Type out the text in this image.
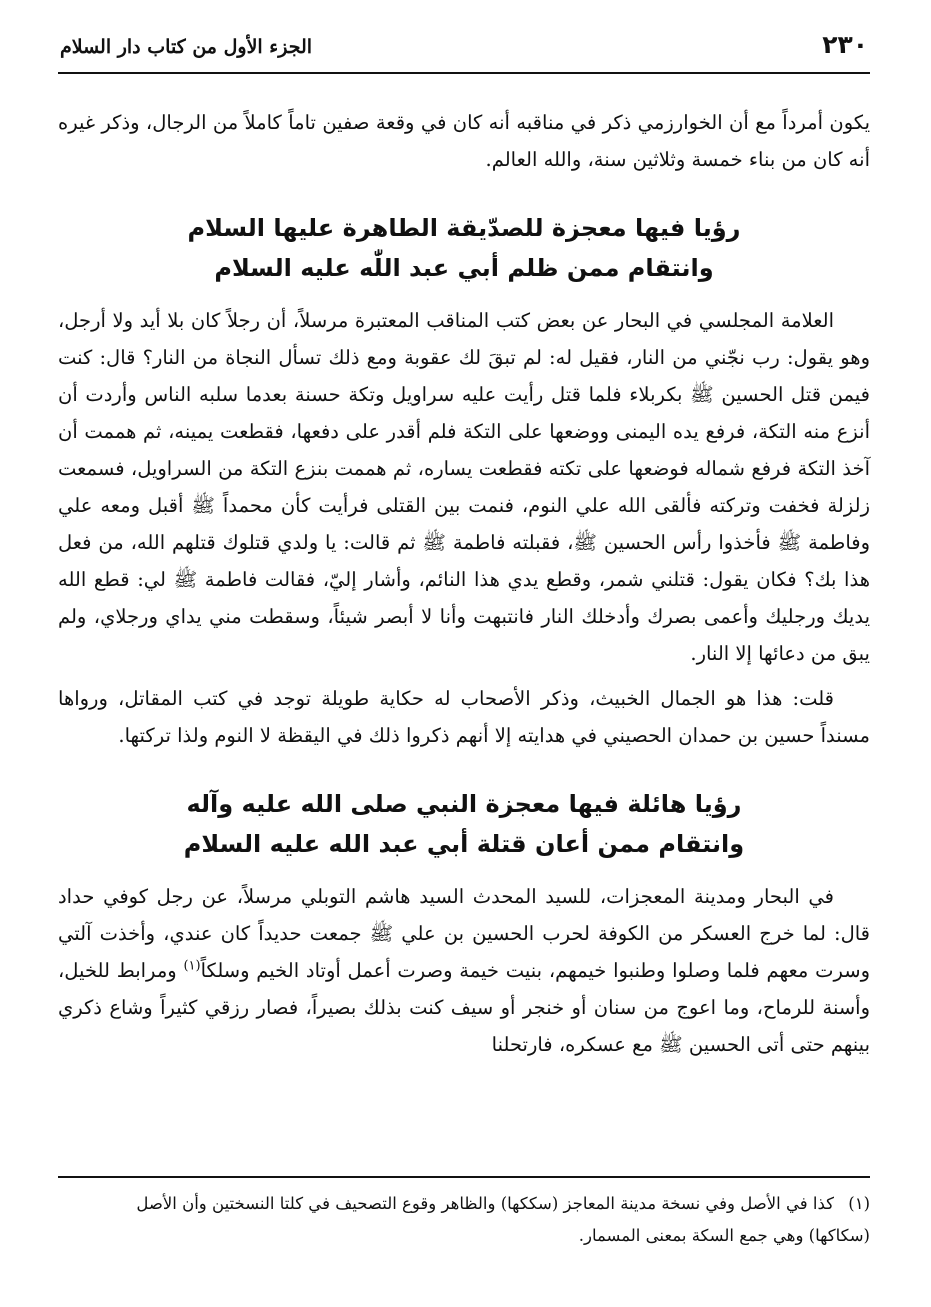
٢٣٠
الجزء الأول من كتاب دار السلام

يكون أمرداً مع أن الخوارزمي ذكر في مناقبه أنه كان في وقعة صفين تاماً كاملاً من الرجال، وذكر غيره أنه كان من بناء خمسة وثلاثين سنة، والله العالم.

رؤيا فيها معجزة للصدّيقة الطاهرة عليها السلام
وانتقام ممن ظلم أبي عبد اللّٰه عليه السلام

العلامة المجلسي في البحار عن بعض كتب المناقب المعتبرة مرسلاً، أن رجلاً كان بلا أيد ولا أرجل، وهو يقول: رب نجّني من النار، فقيل له: لم تبقَ لك عقوبة ومع ذلك تسأل النجاة من النار؟ قال: كنت فيمن قتل الحسين ﷺ بكربلاء فلما قتل رأيت عليه سراويل وتكة حسنة بعدما سلبه الناس وأردت أن أنزع منه التكة، فرفع يده اليمنى ووضعها على التكة فلم أقدر على دفعها، فقطعت يمينه، ثم هممت أن آخذ التكة فرفع شماله فوضعها على تكته فقطعت يساره، ثم هممت بنزع التكة من السراويل، فسمعت زلزلة فخفت وتركته فألقى الله علي النوم، فنمت بين القتلى فرأيت كأن محمداً ﷺ أقبل ومعه علي وفاطمة ﷺ فأخذوا رأس الحسين ﷺ، فقبلته فاطمة ﷺ ثم قالت: يا ولدي قتلوك قتلهم الله، من فعل هذا بك؟ فكان يقول: قتلني شمر، وقطع يدي هذا النائم، وأشار إليّ، فقالت فاطمة ﷺ لي: قطع الله يديك ورجليك وأعمى بصرك وأدخلك النار فانتبهت وأنا لا أبصر شيئاً، وسقطت مني يداي ورجلاي، ولم يبق من دعائها إلا النار.

قلت: هذا هو الجمال الخبيث، وذكر الأصحاب له حكاية طويلة توجد في كتب المقاتل، ورواها مسنداً حسين بن حمدان الحصيني في هدايته إلا أنهم ذكروا ذلك في اليقظة لا النوم ولذا تركتها.

رؤيا هائلة فيها معجزة النبي صلى الله عليه وآله
وانتقام ممن أعان قتلة أبي عبد الله عليه السلام

في البحار ومدينة المعجزات، للسيد المحدث السيد هاشم التوبلي مرسلاً، عن رجل كوفي حداد قال: لما خرج العسكر من الكوفة لحرب الحسين بن علي ﷺ جمعت حديداً كان عندي، وأخذت آلتي وسرت معهم فلما وصلوا وطنبوا خيمهم، بنيت خيمة وصرت أعمل أوتاد الخيم وسلكاً$^{(١)}$ ومرابط للخيل، وأسنة للرماح، وما اعوج من سنان أو خنجر أو سيف كنت بذلك بصيراً، فصار رزقي كثيراً وشاع ذكري بينهم حتى أتى الحسين ﷺ مع عسكره، فارتحلنا

(١)كذا في الأصل وفي نسخة مدينة المعاجز (سككها) والظاهر وقوع التصحيف في كلتا النسختين وأن الأصل
(سكاكها) وهي جمع السكة بمعنى المسمار.
